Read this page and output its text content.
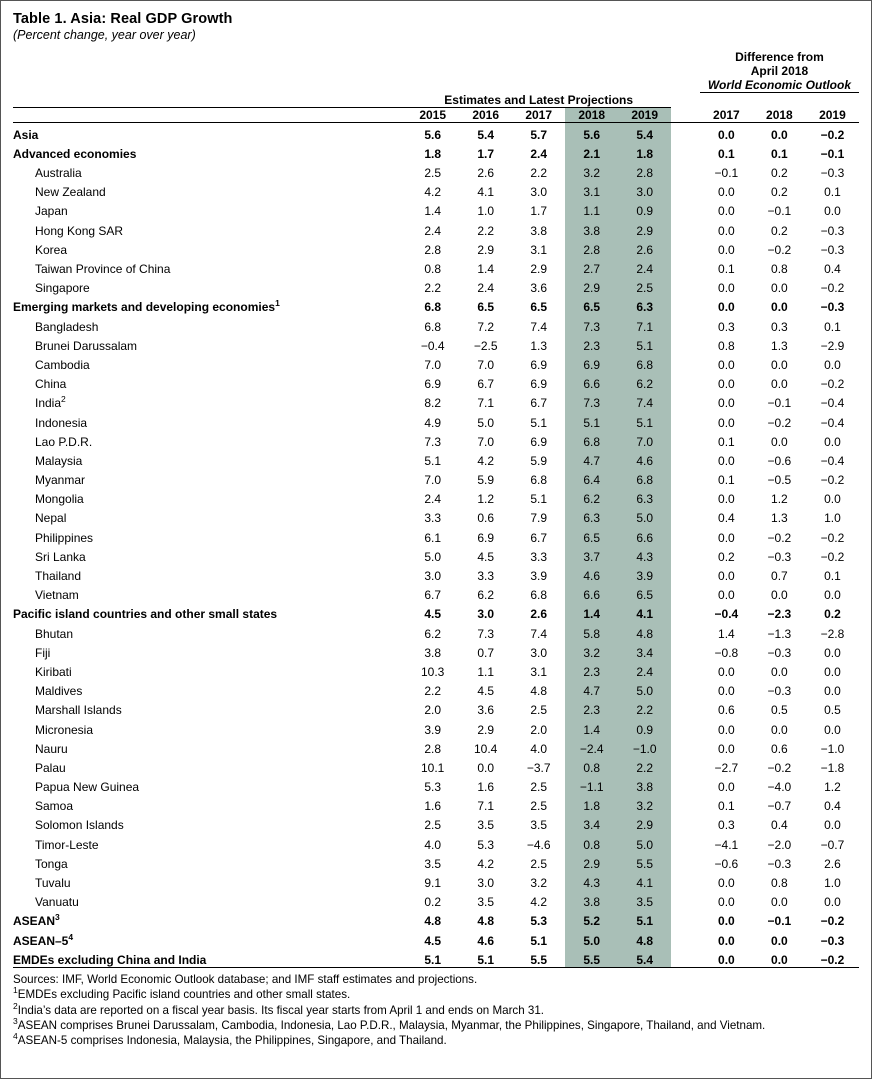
Table 1. Asia: Real GDP Growth
(Percent change, year over year)

							Difference from
April 2018
World Economic Outlook		

	Estimates and Latest Projections								
	2015	2016	2017	2018	2019		2017	2018	2019
Asia	5.6	5.4	5.7	5.6	5.4		0.0	0.0	−0.2
Advanced economies	1.8	1.7	2.4	2.1	1.8		0.1	0.1	−0.1
Australia	2.5	2.6	2.2	3.2	2.8		−0.1	0.2	−0.3
New Zealand	4.2	4.1	3.0	3.1	3.0		0.0	0.2	0.1
Japan	1.4	1.0	1.7	1.1	0.9		0.0	−0.1	0.0
Hong Kong SAR	2.4	2.2	3.8	3.8	2.9		0.0	0.2	−0.3
Korea	2.8	2.9	3.1	2.8	2.6		0.0	−0.2	−0.3
Taiwan Province of China	0.8	1.4	2.9	2.7	2.4		0.1	0.8	0.4
Singapore	2.2	2.4	3.6	2.9	2.5		0.0	0.0	−0.2
Emerging markets and developing economies$^1$	6.8	6.5	6.5	6.5	6.3		0.0	0.0	−0.3
Bangladesh	6.8	7.2	7.4	7.3	7.1		0.3	0.3	0.1
Brunei Darussalam	−0.4	−2.5	1.3	2.3	5.1		0.8	1.3	−2.9
Cambodia	7.0	7.0	6.9	6.9	6.8		0.0	0.0	0.0
China	6.9	6.7	6.9	6.6	6.2		0.0	0.0	−0.2
India$^2$	8.2	7.1	6.7	7.3	7.4		0.0	−0.1	−0.4
Indonesia	4.9	5.0	5.1	5.1	5.1		0.0	−0.2	−0.4
Lao P.D.R.	7.3	7.0	6.9	6.8	7.0		0.1	0.0	0.0
Malaysia	5.1	4.2	5.9	4.7	4.6		0.0	−0.6	−0.4
Myanmar	7.0	5.9	6.8	6.4	6.8		0.1	−0.5	−0.2
Mongolia	2.4	1.2	5.1	6.2	6.3		0.0	1.2	0.0
Nepal	3.3	0.6	7.9	6.3	5.0		0.4	1.3	1.0
Philippines	6.1	6.9	6.7	6.5	6.6		0.0	−0.2	−0.2
Sri Lanka	5.0	4.5	3.3	3.7	4.3		0.2	−0.3	−0.2
Thailand	3.0	3.3	3.9	4.6	3.9		0.0	0.7	0.1
Vietnam	6.7	6.2	6.8	6.6	6.5		0.0	0.0	0.0
Pacific island countries and other small states	4.5	3.0	2.6	1.4	4.1		−0.4	−2.3	0.2
Bhutan	6.2	7.3	7.4	5.8	4.8		1.4	−1.3	−2.8
Fiji	3.8	0.7	3.0	3.2	3.4		−0.8	−0.3	0.0
Kiribati	10.3	1.1	3.1	2.3	2.4		0.0	0.0	0.0
Maldives	2.2	4.5	4.8	4.7	5.0		0.0	−0.3	0.0
Marshall Islands	2.0	3.6	2.5	2.3	2.2		0.6	0.5	0.5
Micronesia	3.9	2.9	2.0	1.4	0.9		0.0	0.0	0.0
Nauru	2.8	10.4	4.0	−2.4	−1.0		0.0	0.6	−1.0
Palau	10.1	0.0	−3.7	0.8	2.2		−2.7	−0.2	−1.8
Papua New Guinea	5.3	1.6	2.5	−1.1	3.8		0.0	−4.0	1.2
Samoa	1.6	7.1	2.5	1.8	3.2		0.1	−0.7	0.4
Solomon Islands	2.5	3.5	3.5	3.4	2.9		0.3	0.4	0.0
Timor-Leste	4.0	5.3	−4.6	0.8	5.0		−4.1	−2.0	−0.7
Tonga	3.5	4.2	2.5	2.9	5.5		−0.6	−0.3	2.6
Tuvalu	9.1	3.0	3.2	4.3	4.1		0.0	0.8	1.0
Vanuatu	0.2	3.5	4.2	3.8	3.5		0.0	0.0	0.0
ASEAN$^3$	4.8	4.8	5.3	5.2	5.1		0.0	−0.1	−0.2
ASEAN–$5^4$	4.5	4.6	5.1	5.0	4.8		0.0	0.0	−0.3
EMDEs excluding China and India	5.1	5.1	5.5	5.5	5.4		0.0	0.0	−0.2
Sources: IMF, World Economic Outlook database; and IMF staff estimates and projections.
$^1$EMDEs excluding Pacific island countries and other small states.
$^2$India’s data are reported on a fiscal year basis. Its fiscal year starts from April 1 and ends on March 31.
$^3$ASEAN comprises Brunei Darussalam, Cambodia, Indonesia, Lao P.D.R., Malaysia, Myanmar, the Philippines, Singapore, Thailand, and Vietnam.
$^4$ASEAN-5 comprises Indonesia, Malaysia, the Philippines, Singapore, and Thailand.
